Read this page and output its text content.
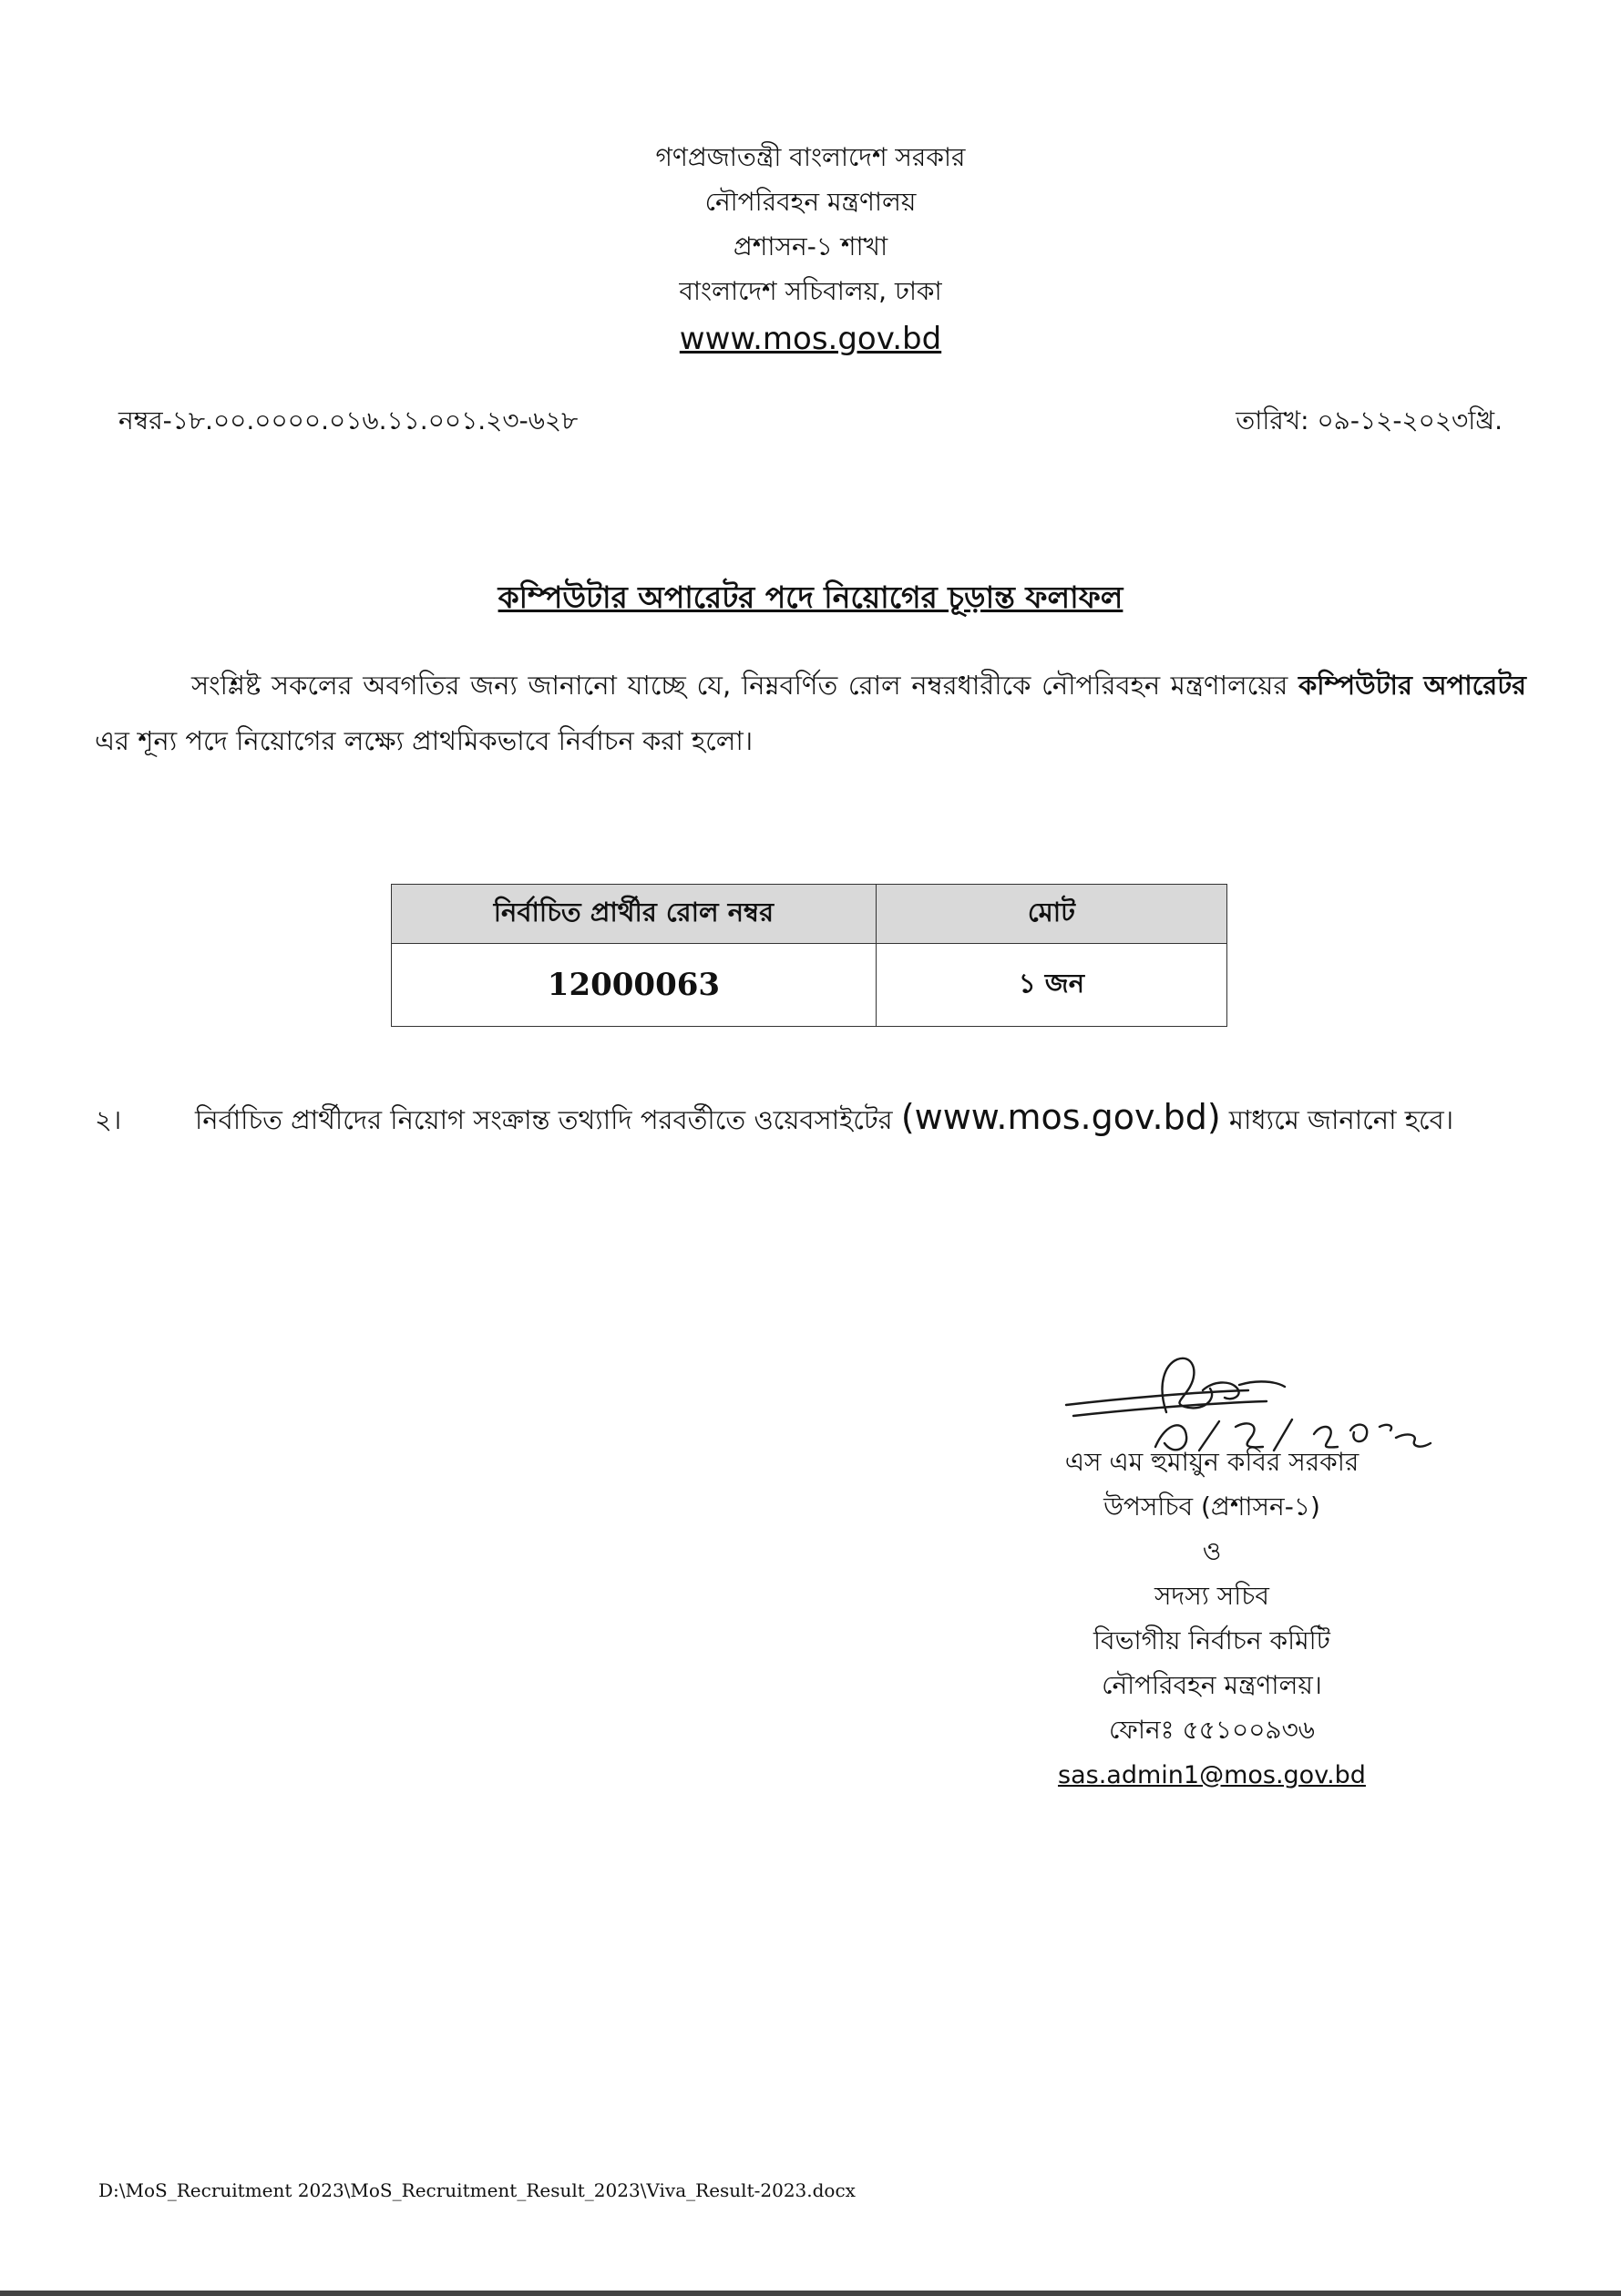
গণপ্রজাতন্ত্রী বাংলাদেশ সরকার
নৌপরিবহন মন্ত্রণালয়
প্রশাসন-১ শাখা
বাংলাদেশ সচিবালয়, ঢাকা
www.mos.gov.bd
নম্বর-১৮.০০.০০০০.০১৬.১১.০০১.২৩-৬২৮	তারিখ: ০৯-১২-২০২৩খ্রি.
কম্পিউটার অপারেটর পদে নিয়োগের চূড়ান্ত ফলাফল
সংশ্লিষ্ট সকলের অবগতির জন্য জানানো যাচ্ছে যে, নিম্নবর্ণিত রোল নম্বরধারীকে নৌপরিবহন মন্ত্রণালয়ের কম্পিউটার অপারেটর এর শূন্য পদে নিয়োগের লক্ষ্যে প্রাথমিকভাবে নির্বাচন করা হলো।
নির্বাচিত প্রার্থীর রোল নম্বর	মোট
12000063	১ জন
২।	নির্বাচিত প্রার্থীদের নিয়োগ সংক্রান্ত তথ্যাদি পরবর্তীতে ওয়েবসাইটের (www.mos.gov.bd) মাধ্যমে জানানো হবে।
এস এম হুমায়ুন কবির সরকার
উপসচিব (প্রশাসন-১)
ও
সদস্য সচিব
বিভাগীয় নির্বাচন কমিটি
নৌপরিবহন মন্ত্রণালয়।
ফোনঃ ৫৫১০০৯৩৬
sas.admin1@mos.gov.bd
D:\MoS_Recruitment 2023\MoS_Recruitment_Result_2023\Viva_Result-2023.docx
